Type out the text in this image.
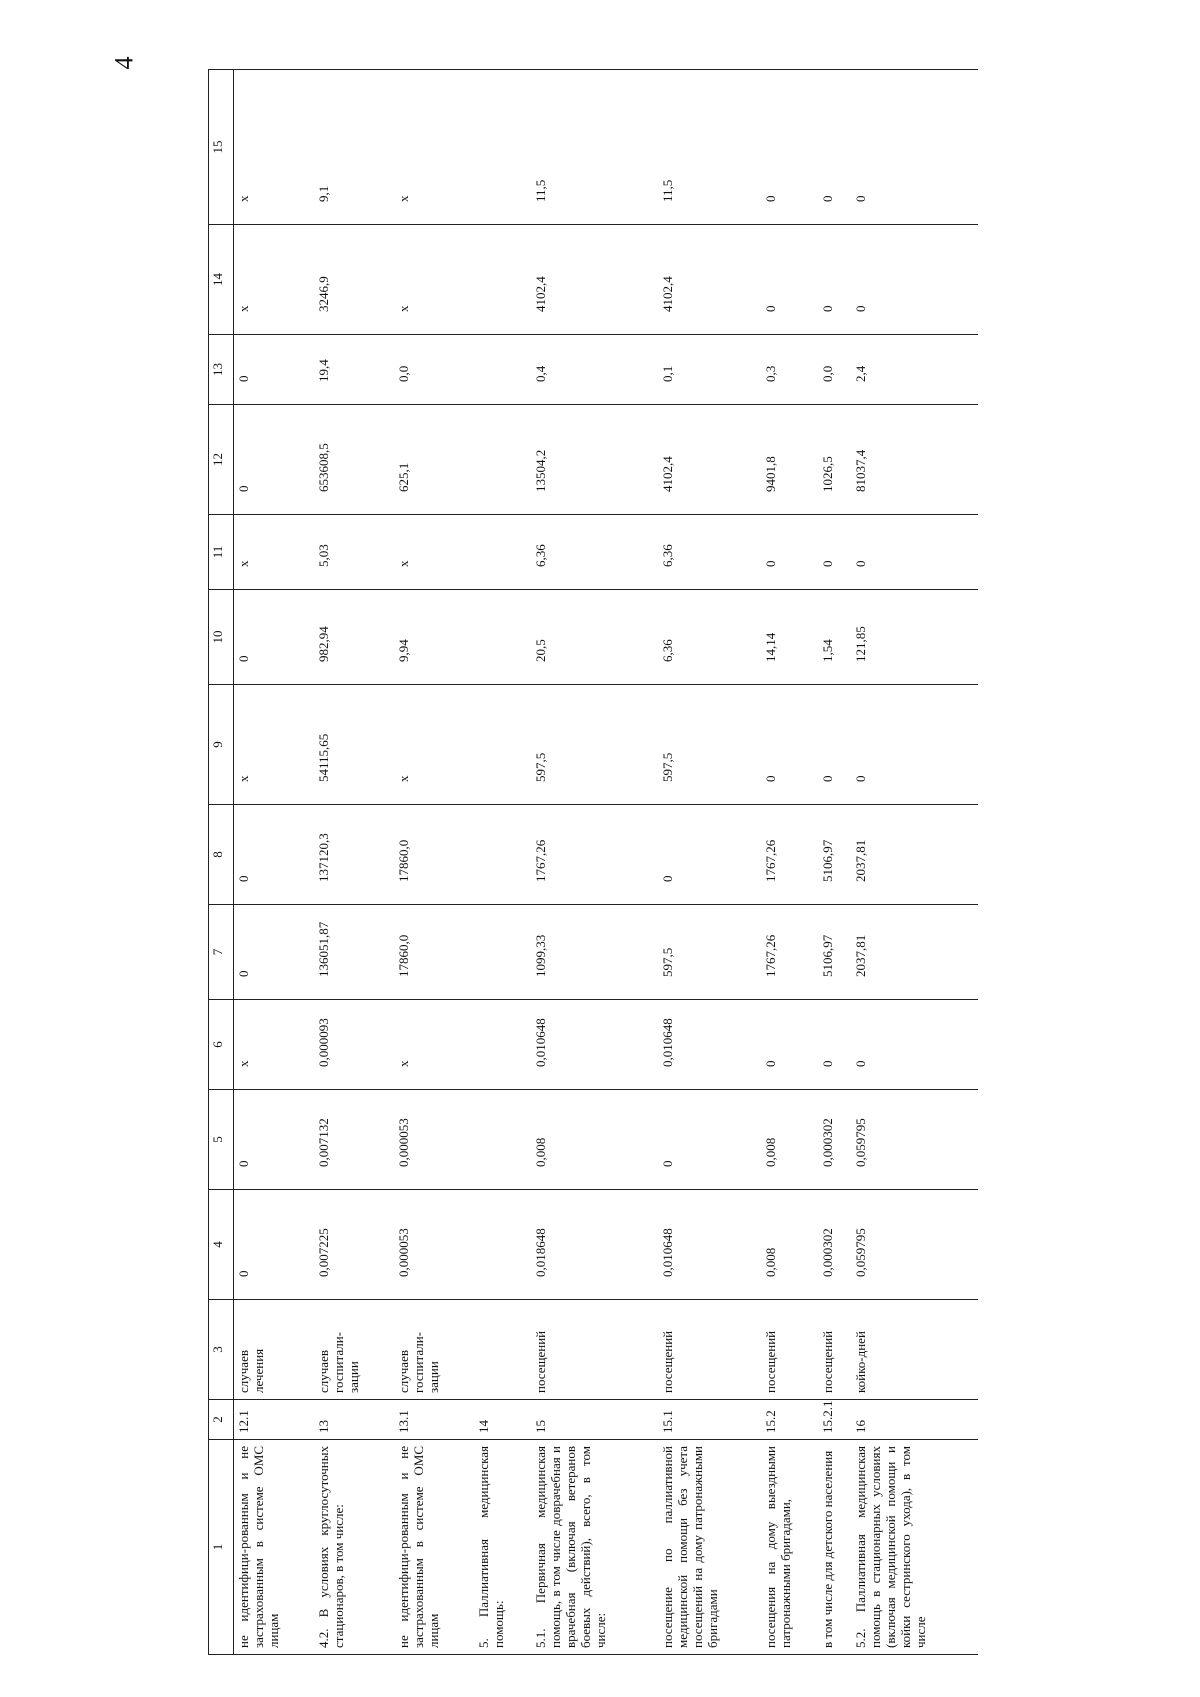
4
1	2	3	4	5	6	7	8	9	10	11	12	13	14	15
не идентифици-рованным и не застрахованным в системе ОМС лицам	12.1	случаев лечения	0	0	x	0	0	x	0	x	0	0	x	x
4.2. В условиях круглосуточных стационаров, в том числе:	13	случаев госпитали-зации	0,007225	0,007132	0,000093	136051,87	137120,3	54115,65	982,94	5,03	653608,5	19,4	3246,9	9,1
не идентифици-рованным и не застрахованным в системе ОМС лицам	13.1	случаев госпитали-зации	0,000053	0,000053	x	17860,0	17860,0	x	9,94	x	625,1	0,0	x	x
5. Паллиативная медицинская помощь:	14													
5.1. Первичная медицинская помощь, в том числе доврачебная и врачебная (включая ветеранов боевых действий), всего, в том числе:	15	посещений	0,018648	0,008	0,010648	1099,33	1767,26	597,5	20,5	6,36	13504,2	0,4	4102,4	11,5
посещение по паллиативной медицинской помощи без учета посещений на дому патронажными бригадами	15.1	посещений	0,010648	0	0,010648	597,5	0	597,5	6,36	6,36	4102,4	0,1	4102,4	11,5
посещения на дому выездными патронажными бригадами,	15.2	посещений	0,008	0,008	0	1767,26	1767,26	0	14,14	0	9401,8	0,3	0	0
в том числе для детского населения	15.2.1	посещений	0,000302	0,000302	0	5106,97	5106,97	0	1,54	0	1026,5	0,0	0	0
5.2. Паллиативная медицинская помощь в стационарных условиях (включая медицинской помощи и койки сестринского ухода), в том числе	16	койко-дней	0,059795	0,059795	0	2037,81	2037,81	0	121,85	0	81037,4	2,4	0	0
